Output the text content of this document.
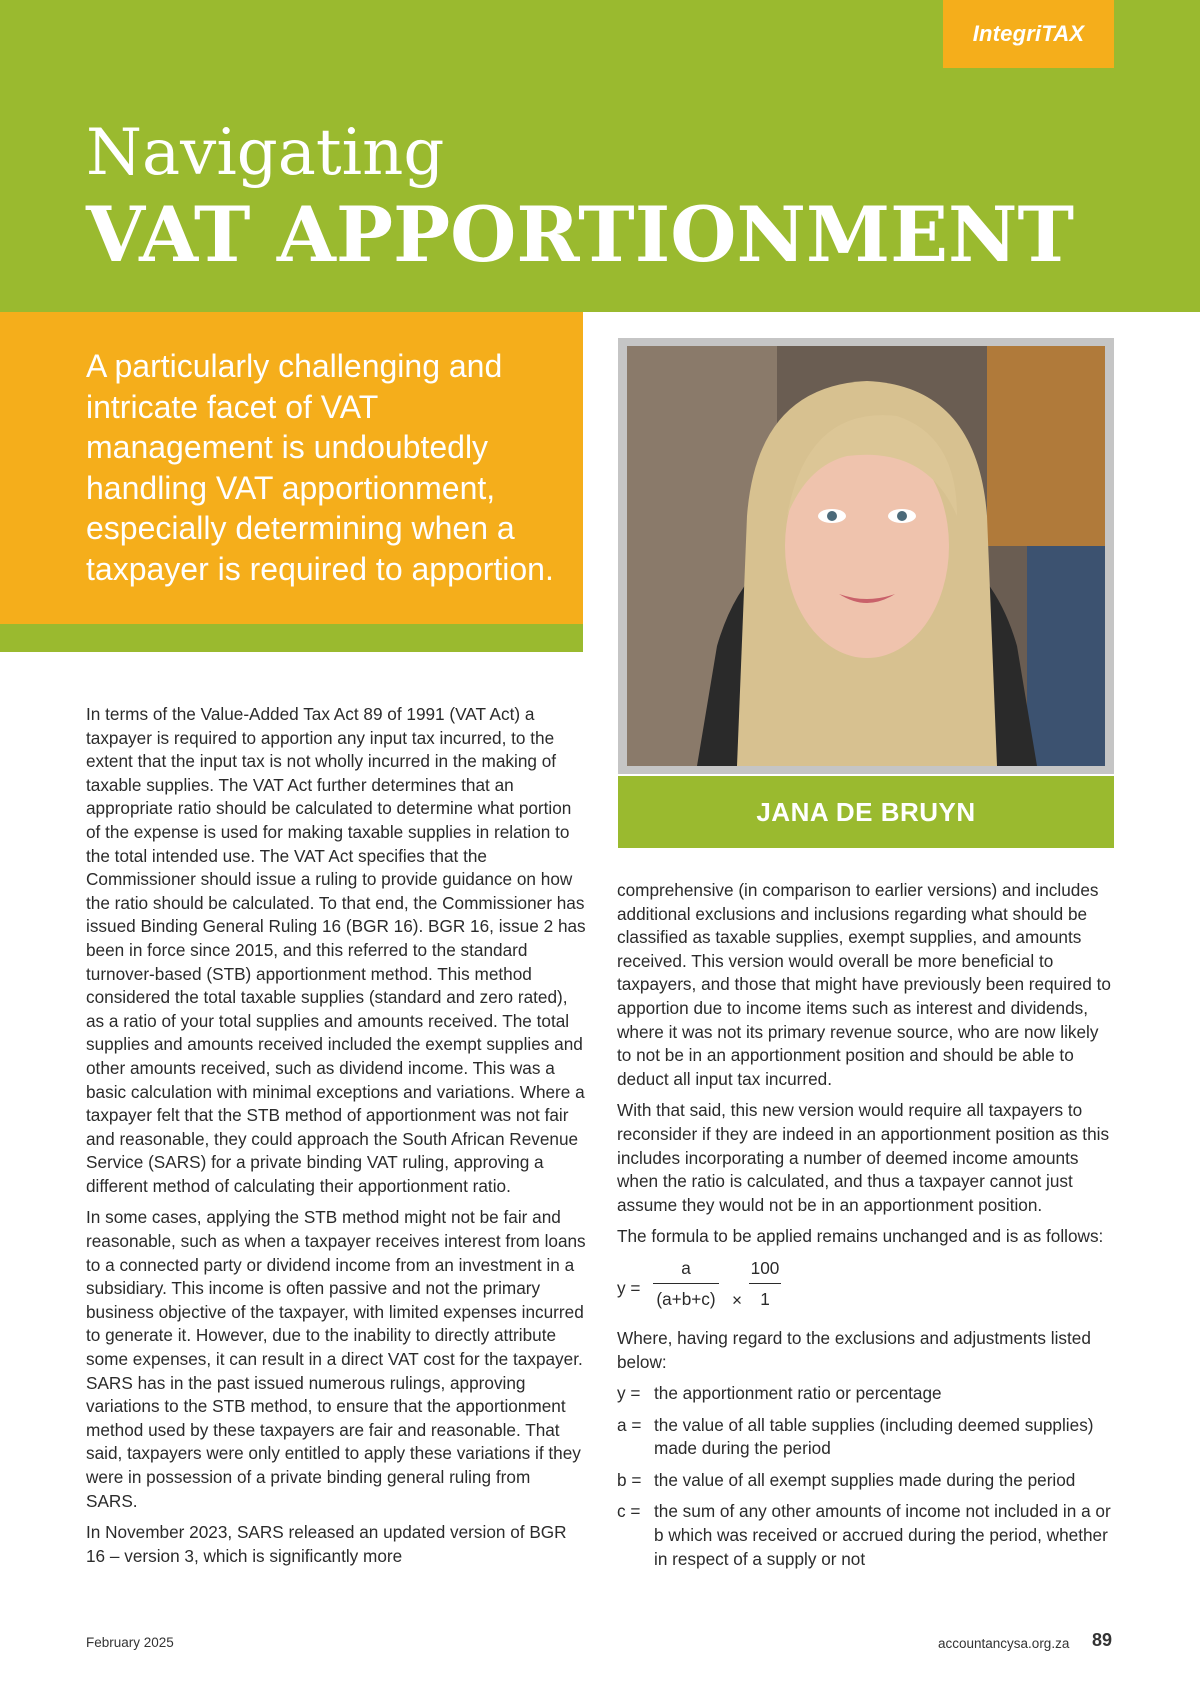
IntegriTAX
Navigating
VAT APPORTIONMENT

A particularly challenging and intricate facet of VAT management is undoubtedly handling VAT apportionment, especially determining when a taxpayer is required to apportion.

JANA DE BRUYN

In terms of the Value-Added Tax Act 89 of 1991 (VAT Act) a taxpayer is required to apportion any input tax incurred, to the extent that the input tax is not wholly incurred in the making of taxable supplies. The VAT Act further determines that an appropriate ratio should be calculated to determine what portion of the expense is used for making taxable supplies in relation to the total intended use. The VAT Act specifies that the Commissioner should issue a ruling to provide guidance on how the ratio should be calculated. To that end, the Commissioner has issued Binding General Ruling 16 (BGR 16). BGR 16, issue 2 has been in force since 2015, and this referred to the standard turnover-based (STB) apportionment method. This method considered the total taxable supplies (standard and zero rated), as a ratio of your total supplies and amounts received. The total supplies and amounts received included the exempt supplies and other amounts received, such as dividend income. This was a basic calculation with minimal exceptions and variations. Where a taxpayer felt that the STB method of apportionment was not fair and reasonable, they could approach the South African Revenue Service (SARS) for a private binding VAT ruling, approving a different method of calculating their apportionment ratio.

In some cases, applying the STB method might not be fair and reasonable, such as when a taxpayer receives interest from loans to a connected party or dividend income from an investment in a subsidiary. This income is often passive and not the primary business objective of the taxpayer, with limited expenses incurred to generate it. However, due to the inability to directly attribute some expenses, it can result in a direct VAT cost for the taxpayer. SARS has in the past issued numerous rulings, approving variations to the STB method, to ensure that the apportionment method used by these taxpayers are fair and reasonable. That said, taxpayers were only entitled to apply these variations if they were in possession of a private binding general ruling from SARS.

In November 2023, SARS released an updated version of BGR 16 – version 3, which is significantly more

comprehensive (in comparison to earlier versions) and includes additional exclusions and inclusions regarding what should be classified as taxable supplies, exempt supplies, and amounts received. This version would overall be more beneficial to taxpayers, and those that might have previously been required to apportion due to income items such as interest and dividends, where it was not its primary revenue source, who are now likely to not be in an apportionment position and should be able to deduct all input tax incurred.

With that said, this new version would require all taxpayers to reconsider if they are indeed in an apportionment position as this includes incorporating a number of deemed income amounts when the ratio is calculated, and thus a taxpayer cannot just assume they would not be in an apportionment position.

The formula to be applied remains unchanged and is as follows:

y =
a
(a+b+c) ×
100
1

Where, having regard to the exclusions and adjustments listed below:

y = the apportionment ratio or percentage
a = the value of all table supplies (including deemed supplies) made during the period
b = the value of all exempt supplies made during the period
c = the sum of any other amounts of income not included in a or b which was received or accrued during the period, whether in respect of a supply or not
February 2025	accountancysa.org.za 89
